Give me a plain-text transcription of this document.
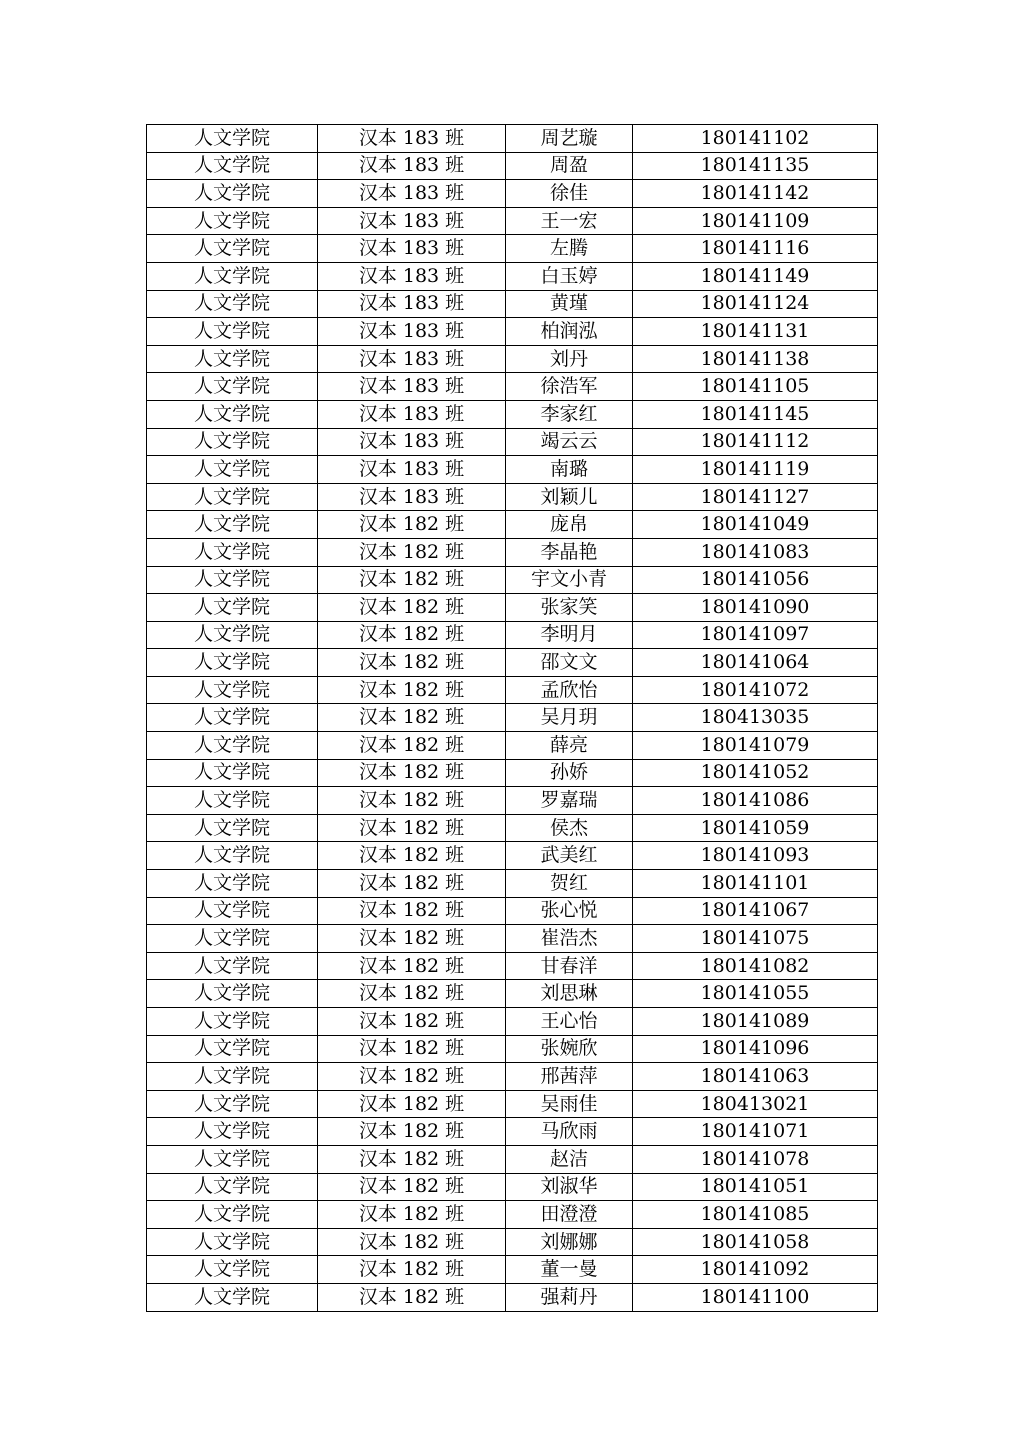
人文学院	汉本 183 班	周艺璇	180141102
人文学院	汉本 183 班	周盈	180141135
人文学院	汉本 183 班	徐佳	180141142
人文学院	汉本 183 班	王一宏	180141109
人文学院	汉本 183 班	左腾	180141116
人文学院	汉本 183 班	白玉婷	180141149
人文学院	汉本 183 班	黄瑾	180141124
人文学院	汉本 183 班	柏润泓	180141131
人文学院	汉本 183 班	刘丹	180141138
人文学院	汉本 183 班	徐浩军	180141105
人文学院	汉本 183 班	李家红	180141145
人文学院	汉本 183 班	竭云云	180141112
人文学院	汉本 183 班	南璐	180141119
人文学院	汉本 183 班	刘颖儿	180141127
人文学院	汉本 182 班	庞帛	180141049
人文学院	汉本 182 班	李晶艳	180141083
人文学院	汉本 182 班	宇文小青	180141056
人文学院	汉本 182 班	张家笑	180141090
人文学院	汉本 182 班	李明月	180141097
人文学院	汉本 182 班	邵文文	180141064
人文学院	汉本 182 班	孟欣怡	180141072
人文学院	汉本 182 班	吴月玥	180413035
人文学院	汉本 182 班	薛亮	180141079
人文学院	汉本 182 班	孙娇	180141052
人文学院	汉本 182 班	罗嘉瑞	180141086
人文学院	汉本 182 班	侯杰	180141059
人文学院	汉本 182 班	武美红	180141093
人文学院	汉本 182 班	贺红	180141101
人文学院	汉本 182 班	张心悦	180141067
人文学院	汉本 182 班	崔浩杰	180141075
人文学院	汉本 182 班	甘春洋	180141082
人文学院	汉本 182 班	刘思琳	180141055
人文学院	汉本 182 班	王心怡	180141089
人文学院	汉本 182 班	张婉欣	180141096
人文学院	汉本 182 班	邢茜萍	180141063
人文学院	汉本 182 班	吴雨佳	180413021
人文学院	汉本 182 班	马欣雨	180141071
人文学院	汉本 182 班	赵洁	180141078
人文学院	汉本 182 班	刘淑华	180141051
人文学院	汉本 182 班	田澄澄	180141085
人文学院	汉本 182 班	刘娜娜	180141058
人文学院	汉本 182 班	董一曼	180141092
人文学院	汉本 182 班	强莉丹	180141100
